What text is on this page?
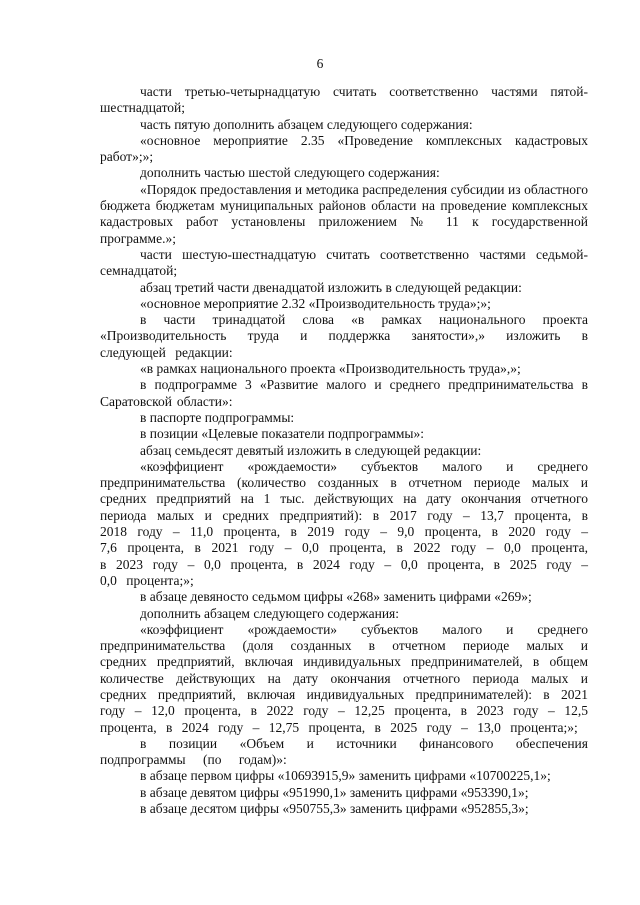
6

части третью-четырнадцатую считать соответственно частями пятой-шестнадцатой;

часть пятую дополнить абзацем следующего содержания:

«основное мероприятие 2.35 «Проведение комплексных кадастровых работ»;»;

дополнить частью шестой следующего содержания:

«Порядок предоставления и методика распределения субсидии из областного бюджета бюджетам муниципальных районов области на проведение комплексных кадастровых работ установлены приложением № 11 к государственной программе.»;

части шестую-шестнадцатую считать соответственно частями седьмой-семнадцатой;

абзац третий части двенадцатой изложить в следующей редакции:

«основное мероприятие 2.32 «Производительность труда»;»;

в части тринадцатой слова «в рамках национального проекта «Производительность труда и поддержка занятости»,» изложить в следующей редакции:

«в рамках национального проекта «Производительность труда»,»;

в подпрограмме 3 «Развитие малого и среднего предпринимательства в Саратовской области»:

в паспорте подпрограммы:

в позиции «Целевые показатели подпрограммы»:

абзац семьдесят девятый изложить в следующей редакции:

«коэффициент «рождаемости» субъектов малого и среднего предпринимательства (количество созданных в отчетном периоде малых и средних предприятий на 1 тыс. действующих на дату окончания отчетного периода малых и средних предприятий): в 2017 году – 13,7 процента, в 2018 году – 11,0 процента, в 2019 году – 9,0 процента, в 2020 году – 7,6 процента, в 2021 году – 0,0 процента, в 2022 году – 0,0 процента, в 2023 году – 0,0 процента, в 2024 году – 0,0 процента, в 2025 году – 0,0 процента;»;

в абзаце девяносто седьмом цифры «268» заменить цифрами «269»;

дополнить абзацем следующего содержания:

«коэффициент «рождаемости» субъектов малого и среднего предпринимательства (доля созданных в отчетном периоде малых и средних предприятий, включая индивидуальных предпринимателей, в общем количестве действующих на дату окончания отчетного периода малых и средних предприятий, включая индивидуальных предпринимателей): в 2021 году – 12,0 процента, в 2022 году – 12,25 процента, в 2023 году – 12,5 процента, в 2024 году – 12,75 процента, в 2025 году – 13,0 процента;»;

в позиции «Объем и источники финансового обеспечения подпрограммы (по годам)»:

в абзаце первом цифры «10693915,9» заменить цифрами «10700225,1»;

в абзаце девятом цифры «951990,1» заменить цифрами «953390,1»;

в абзаце десятом цифры «950755,3» заменить цифрами «952855,3»;
